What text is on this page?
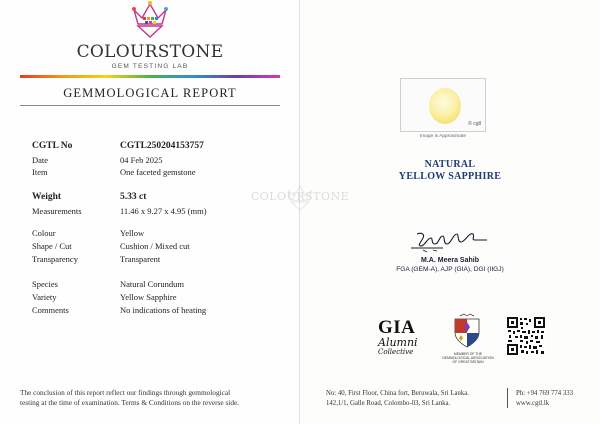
COLOURSTONE
GEM TESTING LAB
GEMMOLOGICAL REPORT
CGTL No	CGTL250204153757
Date	04 Feb 2025
Item	One faceted gemstone
Weight	5.33 ct
Measurements	11.46 x 9.27 x 4.95 (mm)
Colour	Yellow
Shape / Cut	Cushion / Mixed cut
Transparency	Transparent
Species	Natural Corundum
Variety	Yellow Sapphire
Comments	No indications of heating
The conclusion of this report reflect our findings through gemmological
testing at the time of examination. Terms & Conditions on the reverse side.
COLOURSTONE
© cgtl
Image is Approximate
NATURAL
YELLOW SAPPHIRE
M.A. Meera Sahib
FGA (GEM-A), AJP (GIA), DGI (IIGJ)
GIA
Alumni
Collective	MEMBER OF THE GEMMOLOGICAL ASSOCIATION OF GREAT BRITAIN
No: 40, First Floor, China fort, Beruwala, Sri Lanka.
142,1/1, Galle Road, Colombo-03, Sri Lanka.
Ph: +94 769 774 333
www.cgtl.lk
